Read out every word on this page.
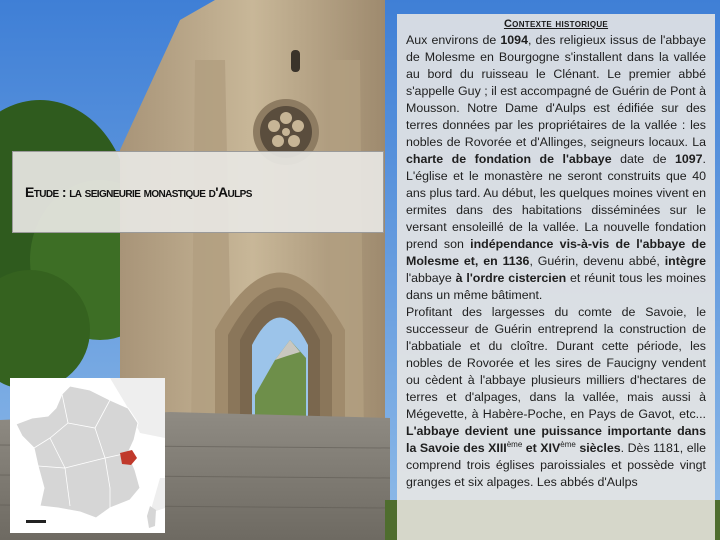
Etude : la seigneurie monastique d'Aulps
Contexte historique

Aux environs de 1094, des religieux issus de l'abbaye de Molesme en Bourgogne s'installent dans la vallée au bord du ruisseau le Clénant. Le premier abbé s'appelle Guy ; il est accompagné de Guérin de Pont à Mousson. Notre Dame d'Aulps est édifiée sur des terres données par les propriétaires de la vallée : les nobles de Rovorée et d'Allinges, seigneurs locaux. La charte de fondation de l'abbaye date de 1097. L'église et le monastère ne seront construits que 40 ans plus tard. Au début, les quelques moines vivent en ermites dans des habitations disséminées sur le versant ensoleillé de la vallée. La nouvelle fondation prend son indépendance vis-à-vis de l'abbaye de Molesme et, en 1136, Guérin, devenu abbé, intègre l'abbaye à l'ordre cistercien et réunit tous les moines dans un même bâtiment.

Profitant des largesses du comte de Savoie, le successeur de Guérin entreprend la construction de l'abbatiale et du cloître. Durant cette période, les nobles de Rovorée et les sires de Faucigny vendent ou cèdent à l'abbaye plusieurs milliers d'hectares de terres et d'alpages, dans la vallée, mais aussi à Mégevette, à Habère-Poche, en Pays de Gavot, etc... L'abbaye devient une puissance importante dans la Savoie des XIIIème et XIVème siècles. Dès 1181, elle comprend trois églises paroissiales et possède vingt granges et six alpages. Les abbés d'Aulps
